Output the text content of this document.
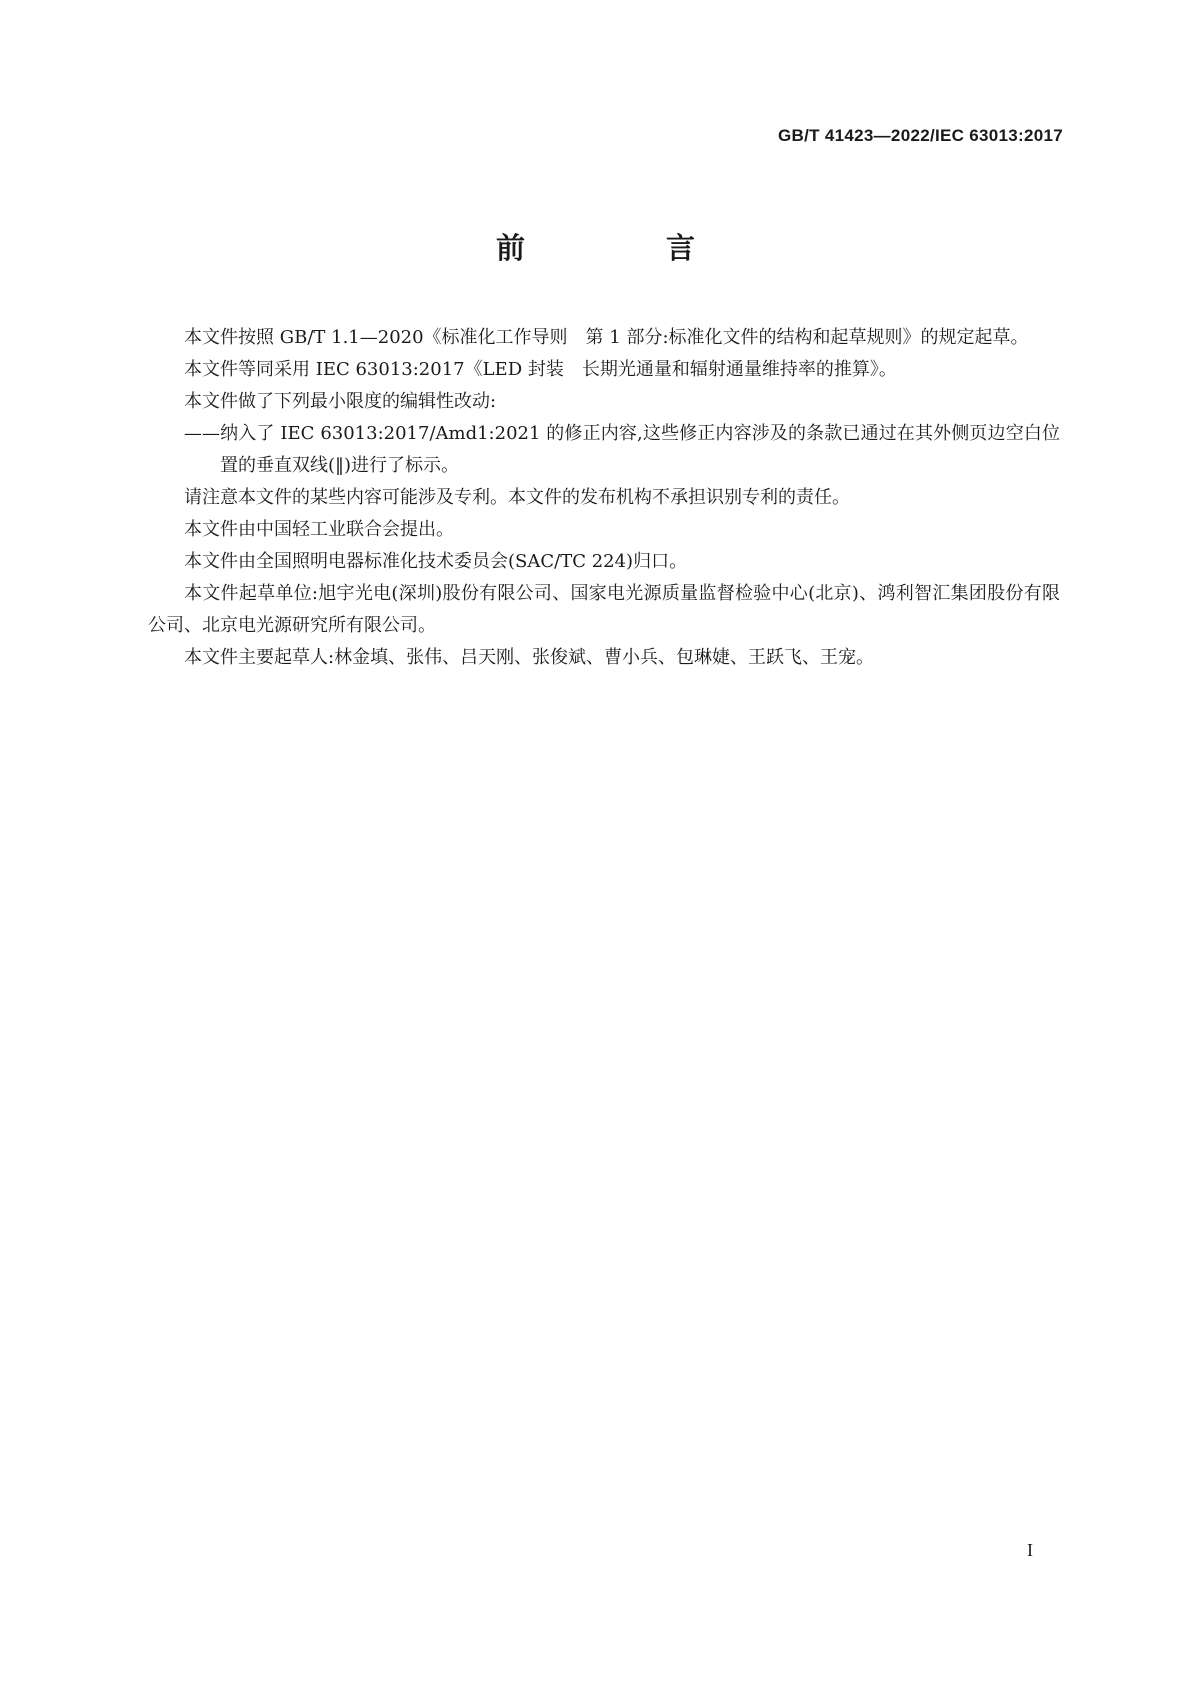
GB/T 41423—2022/IEC 63013:2017
前　言

本文件按照 GB/T 1.1—2020《标准化工作导则　第 1 部分:标准化文件的结构和起草规则》的规定起草。

本文件等同采用 IEC 63013:2017《LED 封装　长期光通量和辐射通量维持率的推算》。

本文件做了下列最小限度的编辑性改动:

——纳入了 IEC 63013:2017/Amd1:2021 的修正内容,这些修正内容涉及的条款已通过在其外侧页边空白位置的垂直双线(‖)进行了标示。

请注意本文件的某些内容可能涉及专利。本文件的发布机构不承担识别专利的责任。

本文件由中国轻工业联合会提出。

本文件由全国照明电器标准化技术委员会(SAC/TC 224)归口。

本文件起草单位:旭宇光电(深圳)股份有限公司、国家电光源质量监督检验中心(北京)、鸿利智汇集团股份有限公司、北京电光源研究所有限公司。

本文件主要起草人:林金填、张伟、吕天刚、张俊斌、曹小兵、包琳婕、王跃飞、王宠。

I
